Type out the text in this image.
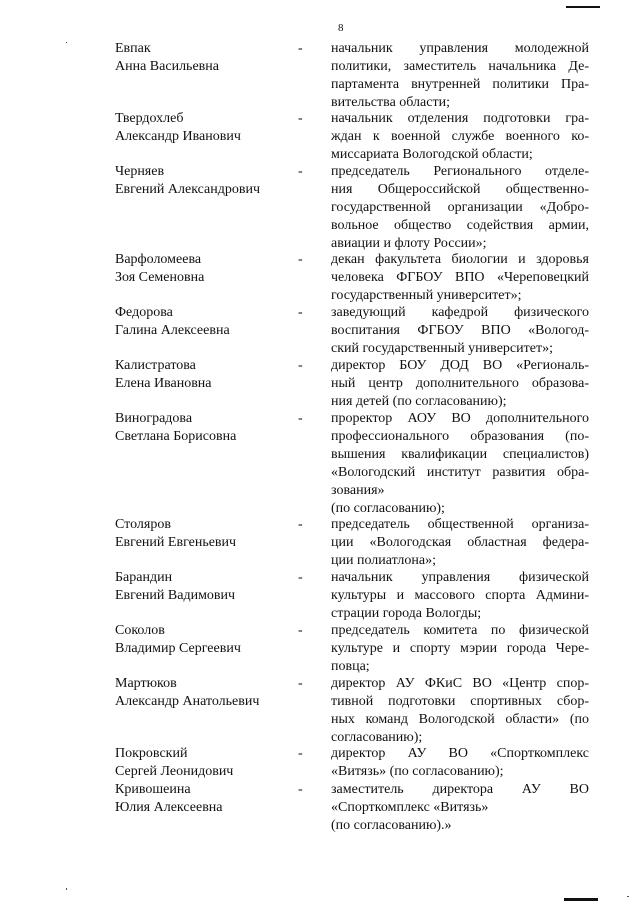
8
Евпак
Анна Васильевна
- начальник управления молодежной

политики, заместитель начальника Де-

партамента внутренней политики Пра-

вительства области;

Твердохлеб
Александр Иванович
- начальник отделения подготовки гра-

ждан к военной службе военного ко-

миссариата Вологодской области;

Черняев
Евгений Александрович
- председатель Регионального отделе-

ния Общероссийской общественно-

государственной организации «Добро-

вольное общество содействия армии,

авиации и флоту России»;

Варфоломеева
Зоя Семеновна
- декан факультета биологии и здоровья

человека ФГБОУ ВПО «Череповецкий

государственный университет»;

Федорова
Галина Алексеевна
- заведующий кафедрой физического

воспитания ФГБОУ ВПО «Вологод-

ский государственный университет»;

Калистратова
Елена Ивановна
- директор БОУ ДОД ВО «Региональ-

ный центр дополнительного образова-

ния детей (по согласованию);

Виноградова
Светлана Борисовна
- проректор АОУ ВО дополнительного

профессионального образования (по-

вышения квалификации специалистов)

«Вологодский институт развития обра-

зования»

(по согласованию);

Столяров
Евгений Евгеньевич
- председатель общественной организа-

ции «Вологодская областная федера-

ции полиатлона»;

Барандин
Евгений Вадимович
- начальник управления физической

культуры и массового спорта Админи-

страции города Вологды;

Соколов
Владимир Сергеевич
- председатель комитета по физической

культуре и спорту мэрии города Чере-

повца;

Мартюков
Александр Анатольевич
- директор АУ ФКиС ВО «Центр спор-

тивной подготовки спортивных сбор-

ных команд Вологодской области» (по

согласованию);

Покровский
Сергей Леонидович
- директор АУ ВО «Спорткомплекс

«Витязь» (по согласованию);

Кривошеина
Юлия Алексеевна
- заместитель директора АУ ВО

«Спорткомплекс «Витязь»

(по согласованию).»
